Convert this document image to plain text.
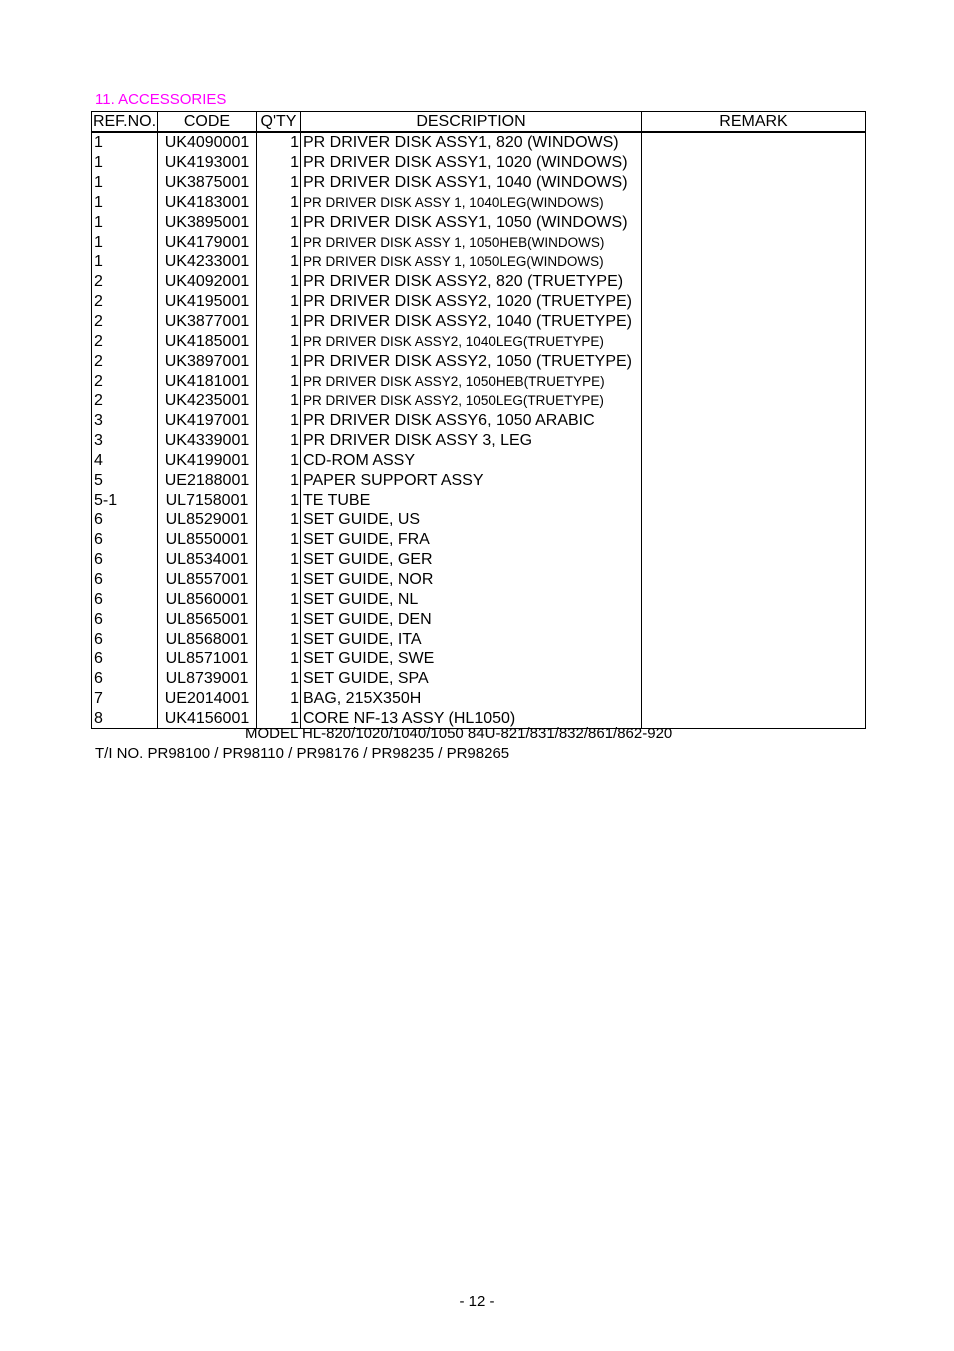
11. ACCESSORIES
REF.NO.	CODE	Q'TY	DESCRIPTION	REMARK
1	UK4090001	1	PR DRIVER DISK ASSY1, 820 (WINDOWS)	
1	UK4193001	1	PR DRIVER DISK ASSY1, 1020 (WINDOWS)	
1	UK3875001	1	PR DRIVER DISK ASSY1, 1040 (WINDOWS)	
1	UK4183001	1	PR DRIVER DISK ASSY 1, 1040LEG(WINDOWS)	
1	UK3895001	1	PR DRIVER DISK ASSY1, 1050 (WINDOWS)	
1	UK4179001	1	PR DRIVER DISK ASSY 1, 1050HEB(WINDOWS)	
1	UK4233001	1	PR DRIVER DISK ASSY 1, 1050LEG(WINDOWS)	
2	UK4092001	1	PR DRIVER DISK ASSY2, 820 (TRUETYPE)	
2	UK4195001	1	PR DRIVER DISK ASSY2, 1020 (TRUETYPE)	
2	UK3877001	1	PR DRIVER DISK ASSY2, 1040 (TRUETYPE)	
2	UK4185001	1	PR DRIVER DISK ASSY2, 1040LEG(TRUETYPE)	
2	UK3897001	1	PR DRIVER DISK ASSY2, 1050 (TRUETYPE)	
2	UK4181001	1	PR DRIVER DISK ASSY2, 1050HEB(TRUETYPE)	
2	UK4235001	1	PR DRIVER DISK ASSY2, 1050LEG(TRUETYPE)	
3	UK4197001	1	PR DRIVER DISK ASSY6, 1050 ARABIC	
3	UK4339001	1	PR DRIVER DISK ASSY 3, LEG	
4	UK4199001	1	CD-ROM ASSY	
5	UE2188001	1	PAPER SUPPORT ASSY	
5-1	UL7158001	1	TE TUBE	
6	UL8529001	1	SET GUIDE, US	
6	UL8550001	1	SET GUIDE, FRA	
6	UL8534001	1	SET GUIDE, GER	
6	UL8557001	1	SET GUIDE, NOR	
6	UL8560001	1	SET GUIDE, NL	
6	UL8565001	1	SET GUIDE, DEN	
6	UL8568001	1	SET GUIDE, ITA	
6	UL8571001	1	SET GUIDE, SWE	
6	UL8739001	1	SET GUIDE, SPA	
7	UE2014001	1	BAG, 215X350H	
8	UK4156001	1	CORE NF-13 ASSY (HL1050)	
MODEL HL-820/1020/1040/1050 84U-821/831/832/861/862-920
T/I NO. PR98100 / PR98110 / PR98176 / PR98235 / PR98265
- 12 -
